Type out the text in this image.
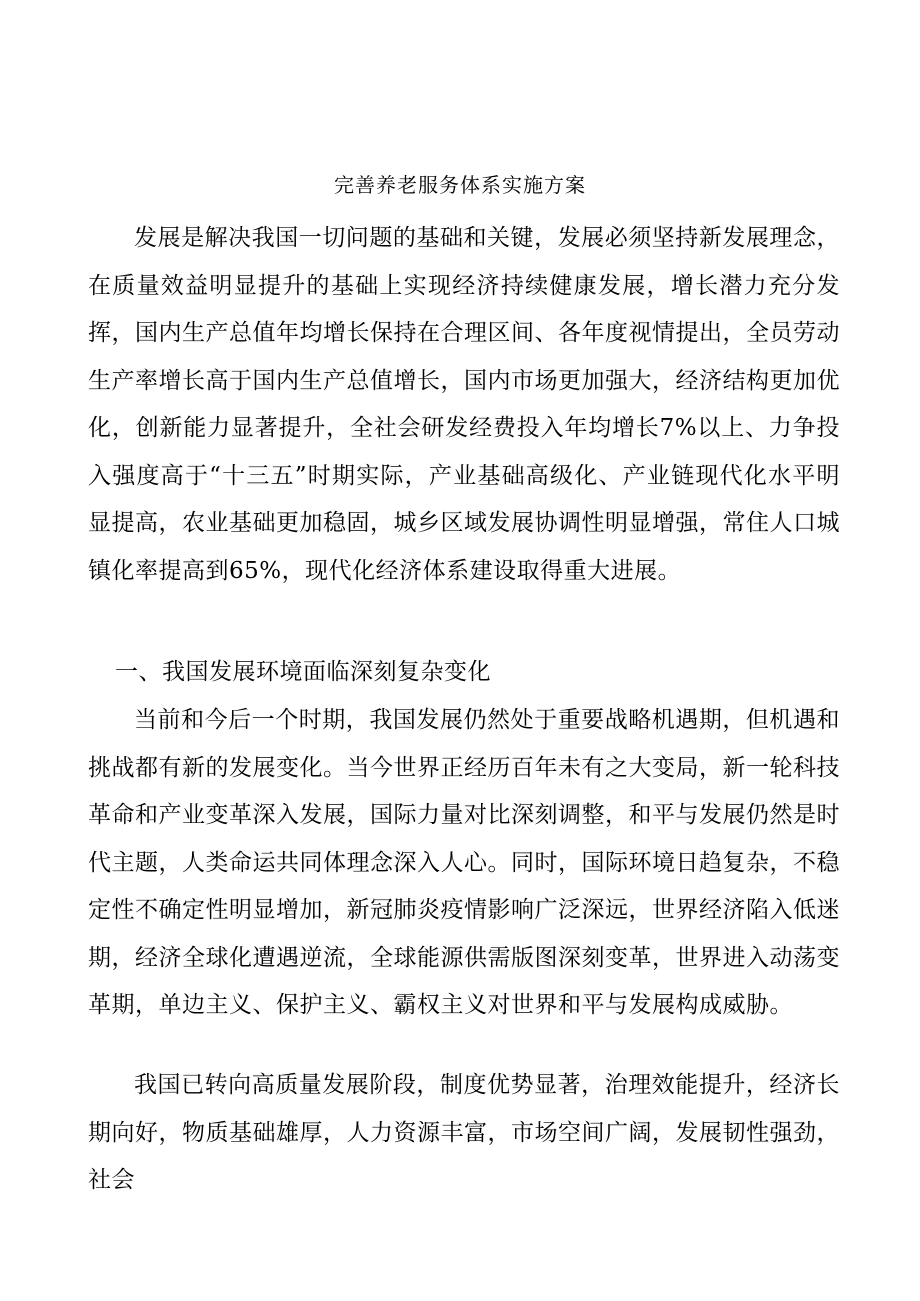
完善养老服务体系实施方案

发展是解决我国一切问题的基础和关键，发展必须坚持新发展理念，在质量效益明显提升的基础上实现经济持续健康发展，增长潜力充分发挥，国内生产总值年均增长保持在合理区间、各年度视情提出，全员劳动生产率增长高于国内生产总值增长，国内市场更加强大，经济结构更加优化，创新能力显著提升，全社会研发经费投入年均增长7%以上、力争投入强度高于“十三五”时期实际，产业基础高级化、产业链现代化水平明显提高，农业基础更加稳固，城乡区域发展协调性明显增强，常住人口城镇化率提高到65%，现代化经济体系建设取得重大进展。

一、我国发展环境面临深刻复杂变化

当前和今后一个时期，我国发展仍然处于重要战略机遇期，但机遇和挑战都有新的发展变化。当今世界正经历百年未有之大变局，新一轮科技革命和产业变革深入发展，国际力量对比深刻调整，和平与发展仍然是时代主题，人类命运共同体理念深入人心。同时，国际环境日趋复杂，不稳定性不确定性明显增加，新冠肺炎疫情影响广泛深远，世界经济陷入低迷期，经济全球化遭遇逆流，全球能源供需版图深刻变革，世界进入动荡变革期，单边主义、保护主义、霸权主义对世界和平与发展构成威胁。

我国已转向高质量发展阶段，制度优势显著，治理效能提升，经济长期向好，物质基础雄厚，人力资源丰富，市场空间广阔，发展韧性强劲，社会
